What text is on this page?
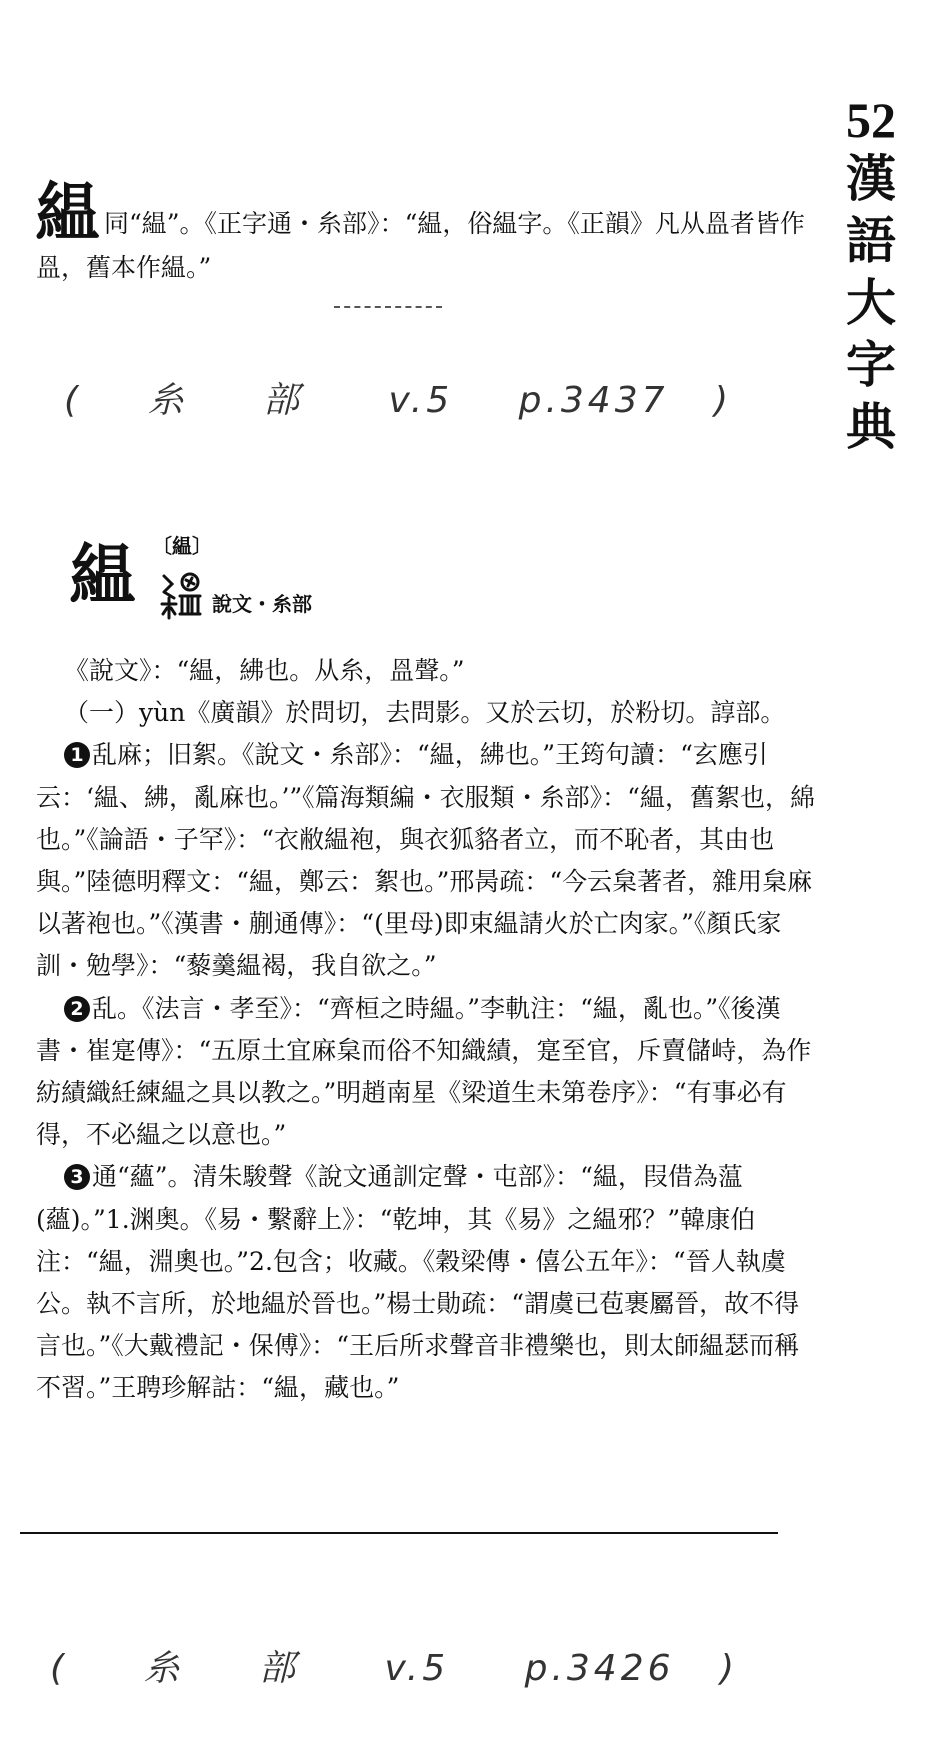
52
漢
語
大
字
典
緼 同“緼”。《正字通・糸部》：“緼，俗緼字。《正韻》凡从𥁕者皆作𥁕，舊本作緼。”
( 糸 部 v.5 p.3437 )
緼 〔緼〕
說文・糸部

《說文》：“緼，紼也。从糸，𥁕聲。”

（一）yùn《廣韻》於問切，去問影。又於云切，於粉切。諄部。

1 乱麻；旧絮。《說文・糸部》：“緼，紼也。”王筠句讀：“玄應引云：‘緼、紼，亂麻也。’”《篇海類編・衣服類・糸部》：“緼，舊絮也，綿也。”《論語・子罕》：“衣敝緼袍，與衣狐貉者立，而不恥者，其由也與。”陸德明釋文：“緼，鄭云：絮也。”邢昺疏：“今云枲著者，雜用枲麻以著袍也。”《漢書・蒯通傳》：“(里母)即束緼請火於亡肉家。”《顏氏家訓・勉學》：“藜羹緼褐，我自欲之。”

2 乱。《法言・孝至》：“齊桓之時緼。”李軌注：“緼，亂也。”《後漢書・崔寔傳》：“五原土宜麻枲而俗不知織績，寔至官，斥賣儲峙，為作紡績織紝練緼之具以教之。”明趙南星《梁道生未第卷序》：“有事必有得，不必緼之以意也。”

3 通“蘊”。清朱駿聲《說文通訓定聲・屯部》：“緼，叚借為蕰(蘊)。”1.渊奥。《易・繫辭上》：“乾坤，其《易》之緼邪？”韓康伯注：“緼，淵奧也。”2.包含；收藏。《穀梁傳・僖公五年》：“晉人執虞公。執不言所，於地緼於晉也。”楊士勛疏：“謂虞已苞裹屬晉，故不得言也。”《大戴禮記・保傅》：“王后所求聲音非禮樂也，則太師緼瑟而稱不習。”王聘珍解詁：“緼，藏也。”

( 糸 部 v.5 p.3426 )
